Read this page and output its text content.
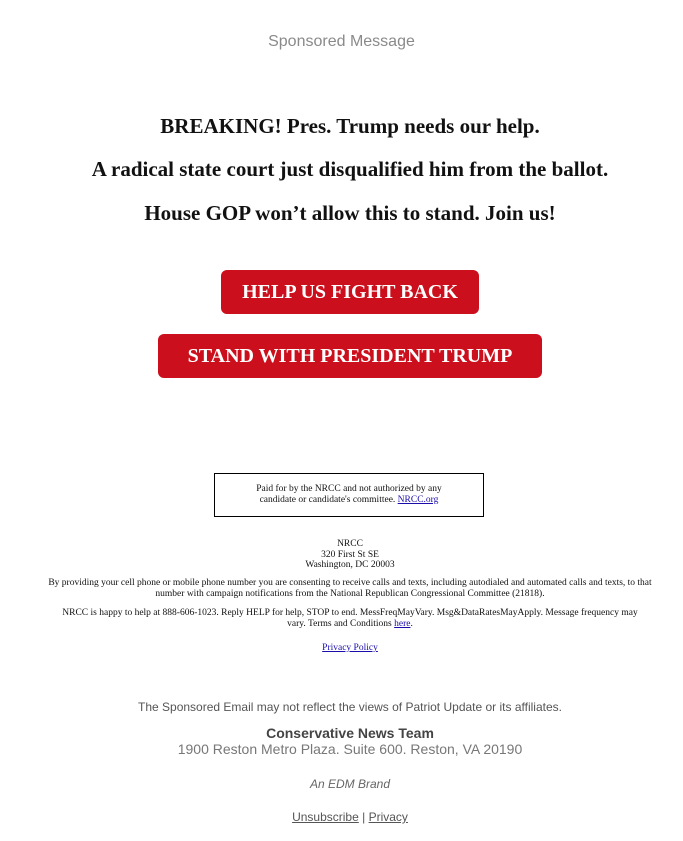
Sponsored Message
BREAKING! Pres. Trump needs our help.
A radical state court just disqualified him from the ballot.
House GOP won’t allow this to stand. Join us!
HELP US FIGHT BACK
STAND WITH PRESIDENT TRUMP
Paid for by the NRCC and not authorized by any
candidate or candidate's committee. NRCC.org
NRCC
320 First St SE
Washington, DC 20003
By providing your cell phone or mobile phone number you are consenting to receive calls and texts, including autodialed and automated calls and texts, to that number with campaign notifications from the National Republican Congressional Committee (21818).
NRCC is happy to help at 888-606-1023. Reply HELP for help, STOP to end. MessFreqMayVary. Msg&DataRatesMayApply. Message frequency may vary. Terms and Conditions here.
Privacy Policy
The Sponsored Email may not reflect the views of Patriot Update or its affiliates.
Conservative News Team
1900 Reston Metro Plaza. Suite 600. Reston, VA 20190
An EDM Brand
Unsubscribe | Privacy
